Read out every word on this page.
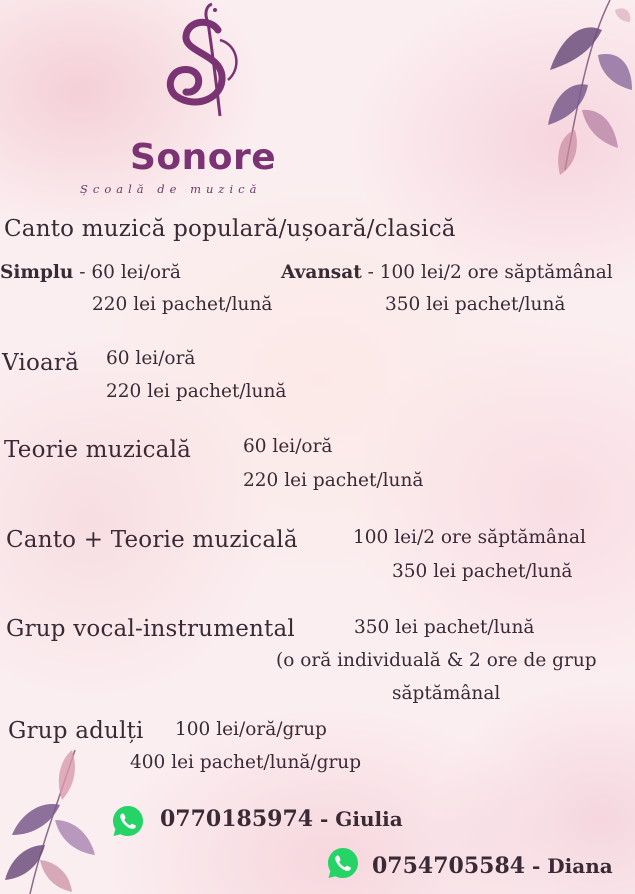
Sonore
Școală de muzică
Canto muzică populară/ușoară/clasică
Simplu - 60 lei/oră
220 lei pachet/lună
Avansat - 100 lei/2 ore săptămânal
350 lei pachet/lună
Vioară 60 lei/oră
220 lei pachet/lună
Teorie muzicală	60 lei/oră
220 lei pachet/lună
Canto + Teorie muzicală	100 lei/2 ore săptămânal
350 lei pachet/lună
Grup vocal-instrumental	350 lei pachet/lună
(o oră individuală & 2 ore de grup
săptămânal
Grup adulți 100 lei/oră/grup
400 lei pachet/lună/grup
0770185974 - Giulia
0754705584 - Diana
